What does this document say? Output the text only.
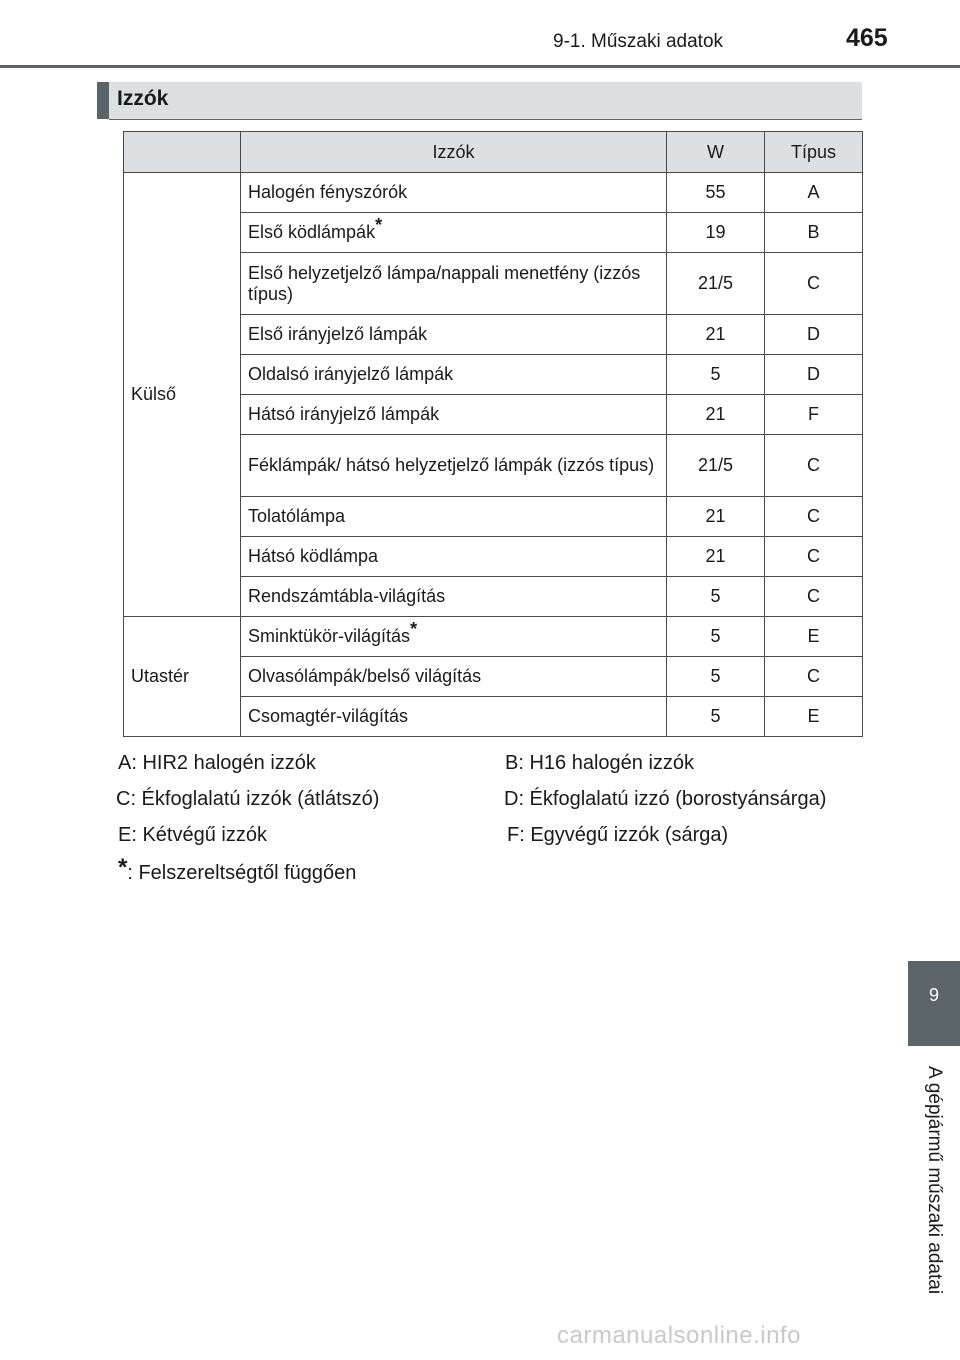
9-1. Műszaki adatok	465
Izzók
	Izzók	W	Típus
Külső	Halogén fényszórók	55	A
	Első ködlámpák*	19	B
	Első helyzetjelző lámpa/nappali menetfény (izzós típus)	21/5	C
	Első irányjelző lámpák	21	D
	Oldalsó irányjelző lámpák	5	D
	Hátsó irányjelző lámpák	21	F
	Féklámpák/ hátsó helyzetjelző lámpák (izzós típus)	21/5	C
	Tolatólámpa	21	C
	Hátsó ködlámpa	21	C
	Rendszámtábla-világítás	5	C
Utastér	Sminktükör-világítás*	5	E
	Olvasólámpák/belső világítás	5	C
	Csomagtér-világítás	5	E
A: HIR2 halogén izzók	B: H16 halogén izzók
C: Ékfoglalatú izzók (átlátszó)	D: Ékfoglalatú izzó (borostyánsárga)
E: Kétvégű izzók	F: Egyvégű izzók (sárga)
*: Felszereltségtől függően
9
A gépjármű műszaki adatai
carmanualsonline.info
